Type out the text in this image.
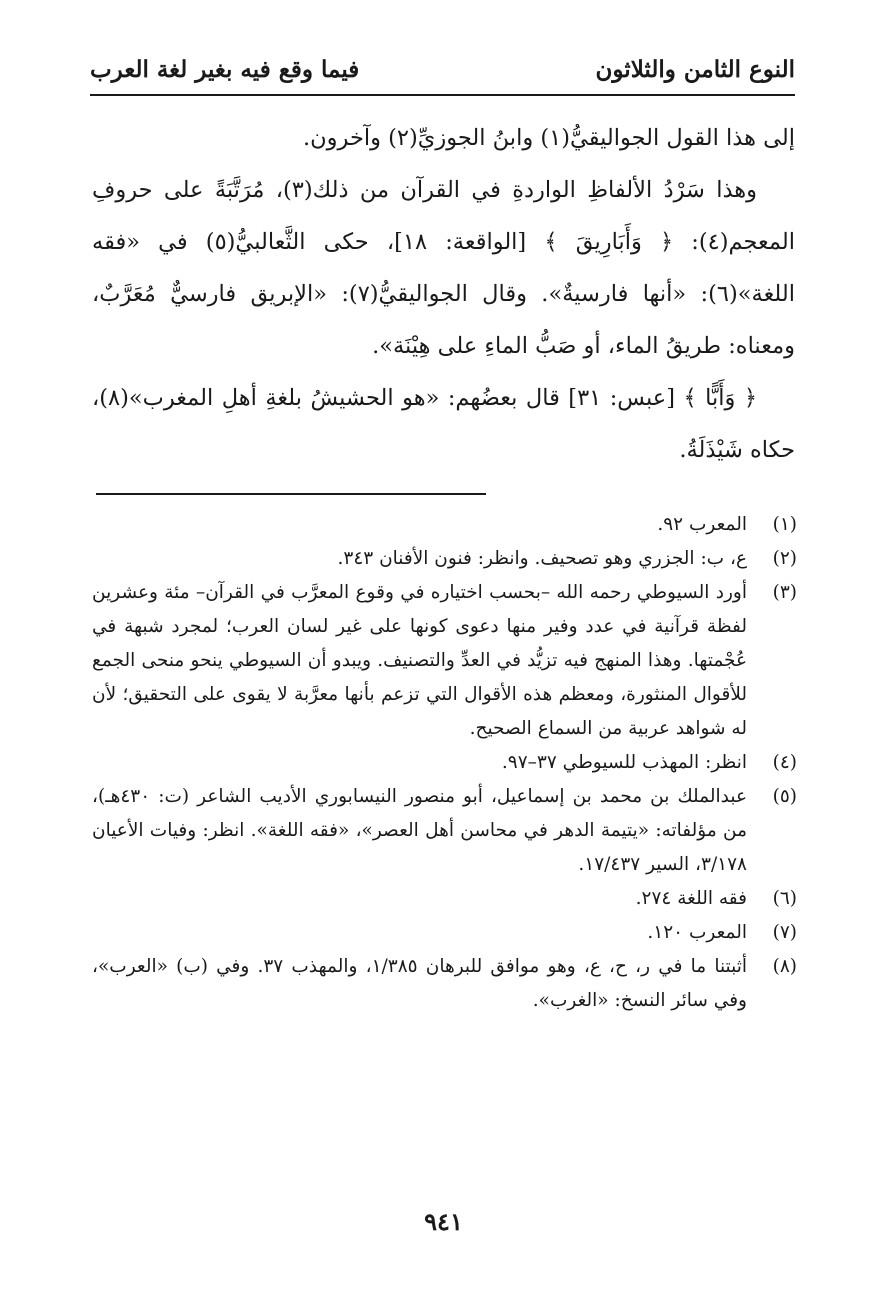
النوع الثامن والثلاثون
فيما وقع فيه بغير لغة العرب

إلى هذا القول الجواليقيُّ(١) وابنُ الجوزيِّ(٢) وآخرون.

وهذا سَرْدُ الألفاظِ الواردةِ في القرآن من ذلك(٣)، مُرَتَّبَةً على حروفِ المعجم(٤): ﴿ وَأَبَارِيقَ ﴾ [الواقعة: ١٨]، حكى الثَّعالبيُّ(٥) في «فقه اللغة»(٦): «أنها فارسيةٌ». وقال الجواليقيُّ(٧): «الإبريق فارسيٌّ مُعَرَّبٌ، ومعناه: طريقُ الماء، أو صَبُّ الماءِ على هِيْنَة».

﴿ وَأَبًّا ﴾ [عبس: ٣١] قال بعضُهم: «هو الحشيشُ بلغةِ أهلِ المغرب»(٨)، حكاه شَيْذَلَةُ.

(١)
المعرب ٩٢.

(٢)
ع، ب: الجزري وهو تصحيف. وانظر: فنون الأفنان ٣٤٣.

(٣)
أورد السيوطي رحمه الله –بحسب اختياره في وقوع المعرَّب في القرآن– مئة وعشرين لفظة قرآنية في عدد وفير منها دعوى كونها على غير لسان العرب؛ لمجرد شبهة في عُجْمتها. وهذا المنهج فيه تزيُّد في العدِّ والتصنيف. ويبدو أن السيوطي ينحو منحى الجمع للأقوال المنثورة، ومعظم هذه الأقوال التي تزعم بأنها معرَّبة لا يقوى على التحقيق؛ لأن له شواهد عربية من السماع الصحيح.

(٤)
انظر: المهذب للسيوطي ٣٧–٩٧.

(٥)
عبدالملك بن محمد بن إسماعيل، أبو منصور النيسابوري الأديب الشاعر (ت: ٤٣٠هـ)، من مؤلفاته: «يتيمة الدهر في محاسن أهل العصر»، «فقه اللغة». انظر: وفيات الأعيان ٣/١٧٨، السير ١٧/٤٣٧.

(٦)
فقه اللغة ٢٧٤.

(٧)
المعرب ١٢٠.

(٨)
أثبتنا ما في ر، ح، ع، وهو موافق للبرهان ١/٣٨٥، والمهذب ٣٧. وفي (ب) «العرب»، وفي سائر النسخ: «الغرب».

٩٤١
